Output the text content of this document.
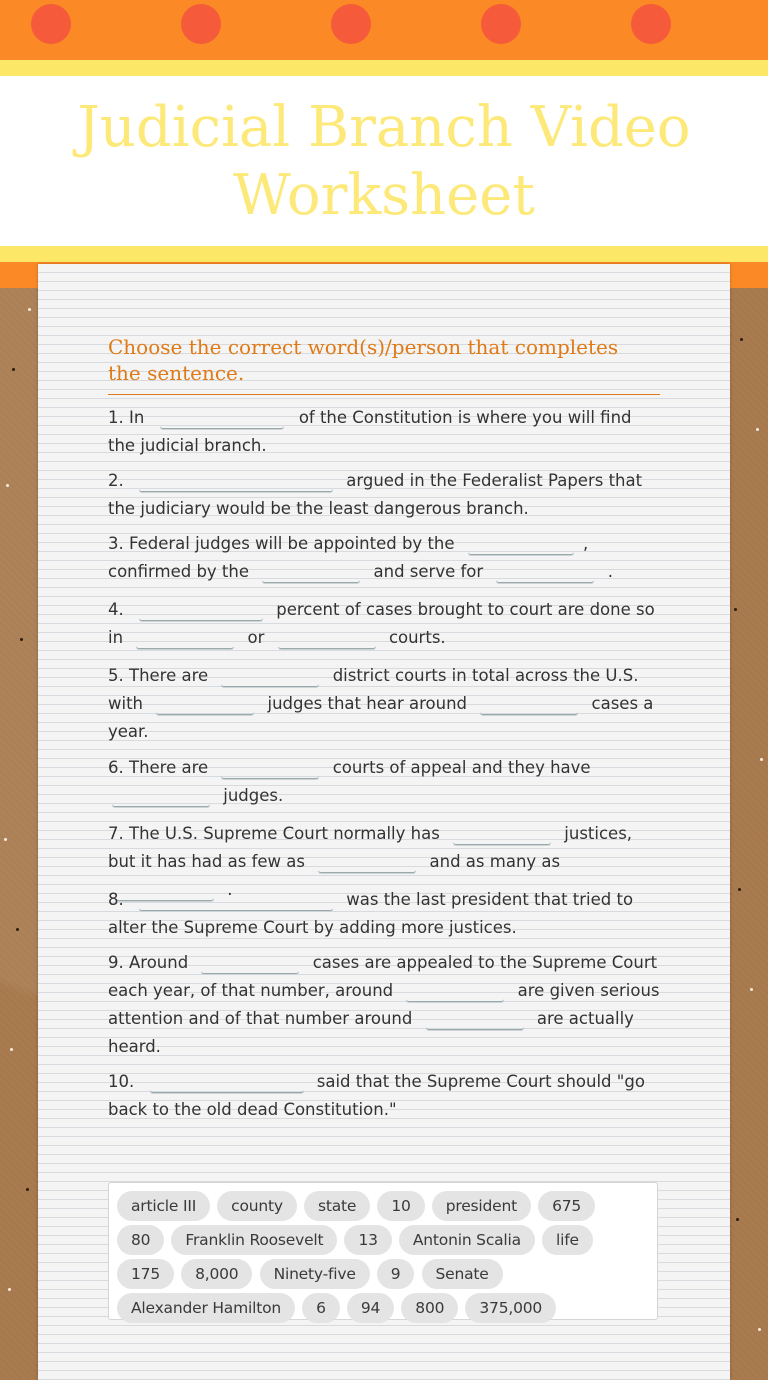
Judicial Branch Video Worksheet

Choose the correct word(s)/person that completes the sentence.

1. In	of the Constitution is where you will find the judicial branch.
2.	argued in the Federalist Papers that the judiciary would be the least dangerous branch.
3. Federal judges will be appointed by the	, confirmed by the	and serve for	.
4.	percent of cases brought to court are done so in	or	courts.
5. There are	district courts in total across the U.S. with	judges that hear around	cases a year.
6. There are	courts of appeal and they have  judges.
7. The U.S. Supreme Court normally has	justices, but it has had as few as	and as many as  .
8.	was the last president that tried to alter the Supreme Court by adding more justices.
9. Around	cases are appealed to the Supreme Court each year, of that number, around	are given serious attention and of that number around	are actually heard.
10.	said that the Supreme Court should "go back to the old dead Constitution."
article III county state 10 president 675 80 Franklin Roosevelt 13 Antonin Scalia life 175 8,000 Ninety-five 9 Senate Alexander Hamilton 6 94 800 375,000
